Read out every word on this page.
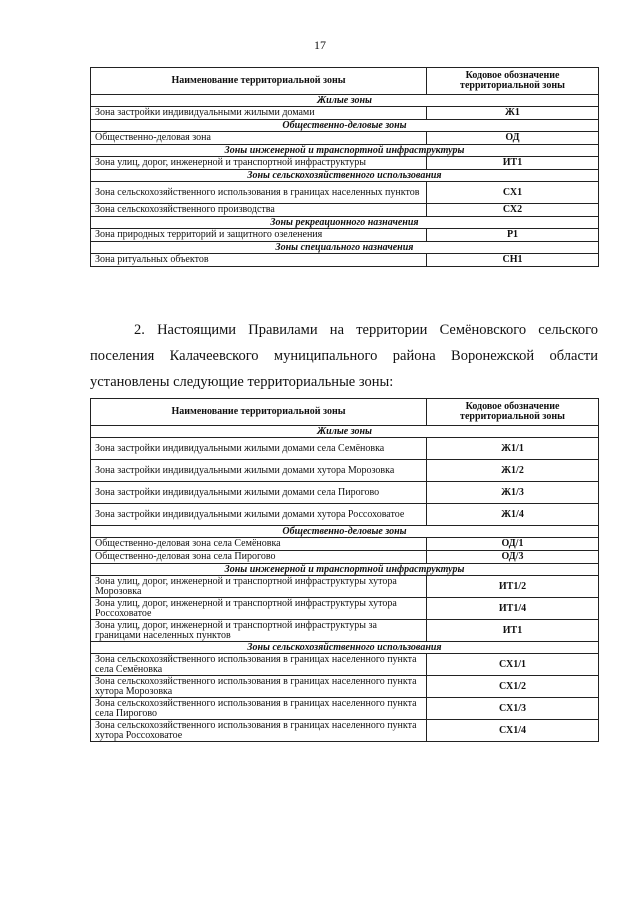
17
Наименование территориальной зоны	Кодовое обозначение территориальной зоны
Жилые зоны	
Зона застройки индивидуальными жилыми домами	Ж1
Общественно-деловые зоны	
Общественно-деловая зона	ОД
Зоны инженерной и транспортной инфраструктуры	
Зона улиц, дорог, инженерной и транспортной инфраструктуры	ИТ1
Зоны сельскохозяйственного использования	
Зона сельскохозяйственного использования в границах населенных пунктов	СХ1
Зона сельскохозяйственного производства	СХ2
Зоны рекреационного назначения	
Зона природных территорий и защитного озеленения	Р1
Зоны специального назначения	
Зона ритуальных объектов	СН1
2. Настоящими Правилами на территории Семёновского сельского поселения Калачеевского муниципального района Воронежской области установлены следующие территориальные зоны:
Наименование территориальной зоны	Кодовое обозначение территориальной зоны
Жилые зоны	
Зона застройки индивидуальными жилыми домами села Семёновка	Ж1/1
Зона застройки индивидуальными жилыми домами хутора Морозовка	Ж1/2
Зона застройки индивидуальными жилыми домами села Пирогово	Ж1/3
Зона застройки индивидуальными жилыми домами хутора Россоховатое	Ж1/4
Общественно-деловые зоны	
Общественно-деловая зона села Семёновка	ОД/1
Общественно-деловая зона села Пирогово	ОД/3
Зоны инженерной и транспортной инфраструктуры	
Зона улиц, дорог, инженерной и транспортной инфраструктуры хутора Морозовка	ИТ1/2
Зона улиц, дорог, инженерной и транспортной инфраструктуры хутора Россоховатое	ИТ1/4
Зона улиц, дорог, инженерной и транспортной инфраструктуры за границами населенных пунктов	ИТ1
Зоны сельскохозяйственного использования	
Зона сельскохозяйственного использования в границах населенного пункта села Семёновка	СХ1/1
Зона сельскохозяйственного использования в границах населенного пункта хутора Морозовка	СХ1/2
Зона сельскохозяйственного использования в границах населенного пункта села Пирогово	СХ1/3
Зона сельскохозяйственного использования в границах населенного пункта хутора Россоховатое	СХ1/4
